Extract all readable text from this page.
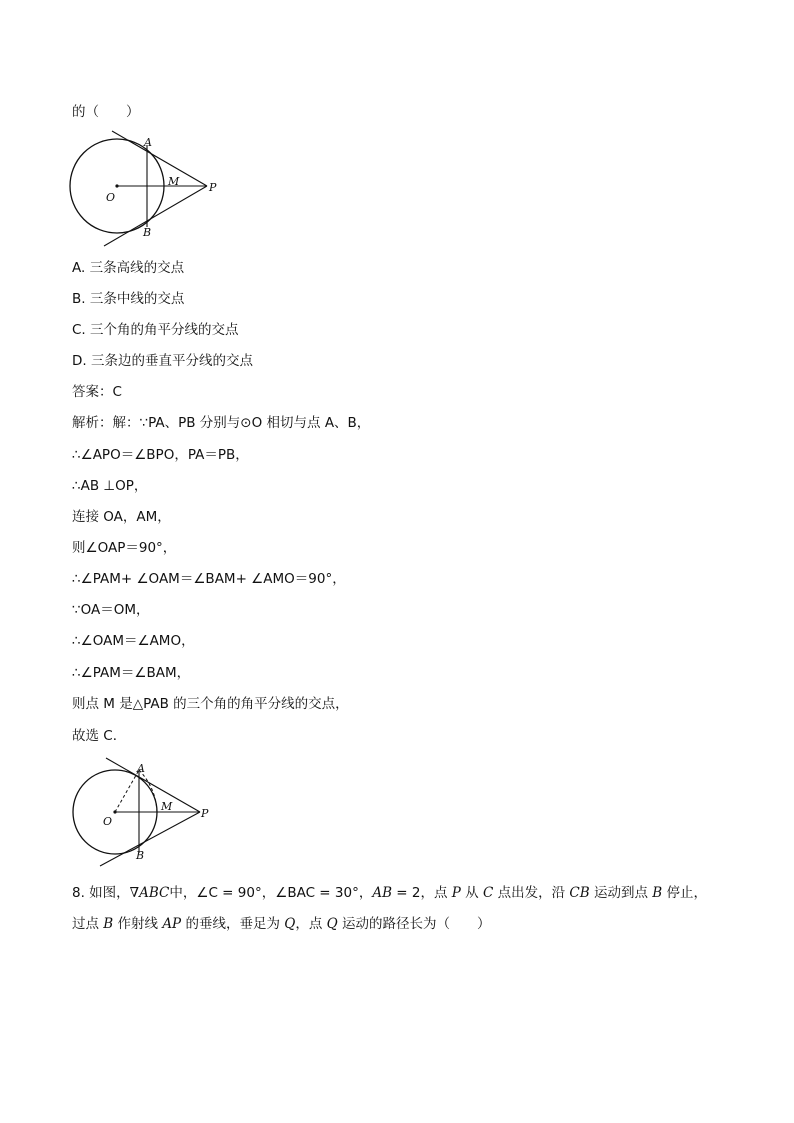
的（　　）
A
B
O
M	P
A. 三条高线的交点
B. 三条中线的交点
C. 三个角的角平分线的交点
D. 三条边的垂直平分线的交点
答案：C
解析：解：∵PA、PB 分别与⊙O 相切与点 A、B，
∴∠APO＝∠BPO，PA＝PB，
∴AB ⊥OP，
连接 OA，AM，
则∠OAP＝90°，
∴∠PAM+ ∠OAM＝∠BAM+ ∠AMO＝90°，
∵OA＝OM，
∴∠OAM＝∠AMO，
∴∠PAM＝∠BAM，
则点 M 是△PAB 的三个角的角平分线的交点，
故选 C．
A
B
O
M
P
8. 如图，∇ABC中，∠C = 90°，∠BAC = 30°，AB = 2，点 P 从 C 点出发，沿 CB 运动到点 B 停止，
过点 B 作射线 AP 的垂线，垂足为 Q，点 Q 运动的路径长为（　　）
